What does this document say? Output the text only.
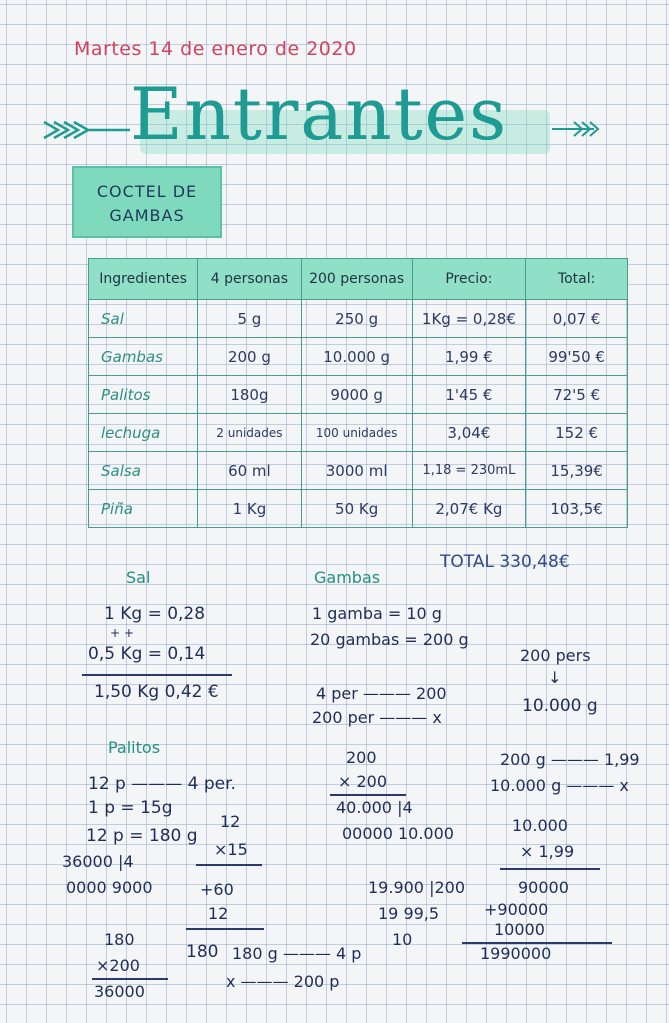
Martes 14 de enero de 2020
Entrantes
COCTEL DE GAMBAS
Ingredientes	4 personas	200 personas	Precio:	Total:
Sal	5 g	250 g	1Kg = 0,28€	0,07 €
Gambas	200 g	10.000 g	1,99 €	99'50 €
Palitos	180g	9000 g	1'45 €	72'5 €
lechuga	2 unidades	100 unidades	3,04€	152 €
Salsa	60 ml	3000 ml	1,18 = 230mL	15,39€
Piña	1 Kg	50 Kg	2,07€ Kg	103,5€
TOTAL 330,48€
Sal
1 Kg = 0,28
+ +
0,5 Kg = 0,14
1,50 Kg 0,42 €
Gambas
1 gamba = 10 g
20 gambas = 200 g
4 per ——— 200
200 per ——— x
200 pers
↓
10.000 g
200
× 200
40.000 |4
00000 10.000
19.900 |200
19 99,5
10
200 g ——— 1,99
10.000 g ——— x
10.000
× 1,99
90000
+90000
10000
1990000
Palitos
12 p ——— 4 per.
1 p = 15g
12 p = 180 g
36000 |4
0000 9000
12
×15
+60
12
180
180
×200
36000
180 g ——— 4 p
x ——— 200 p
